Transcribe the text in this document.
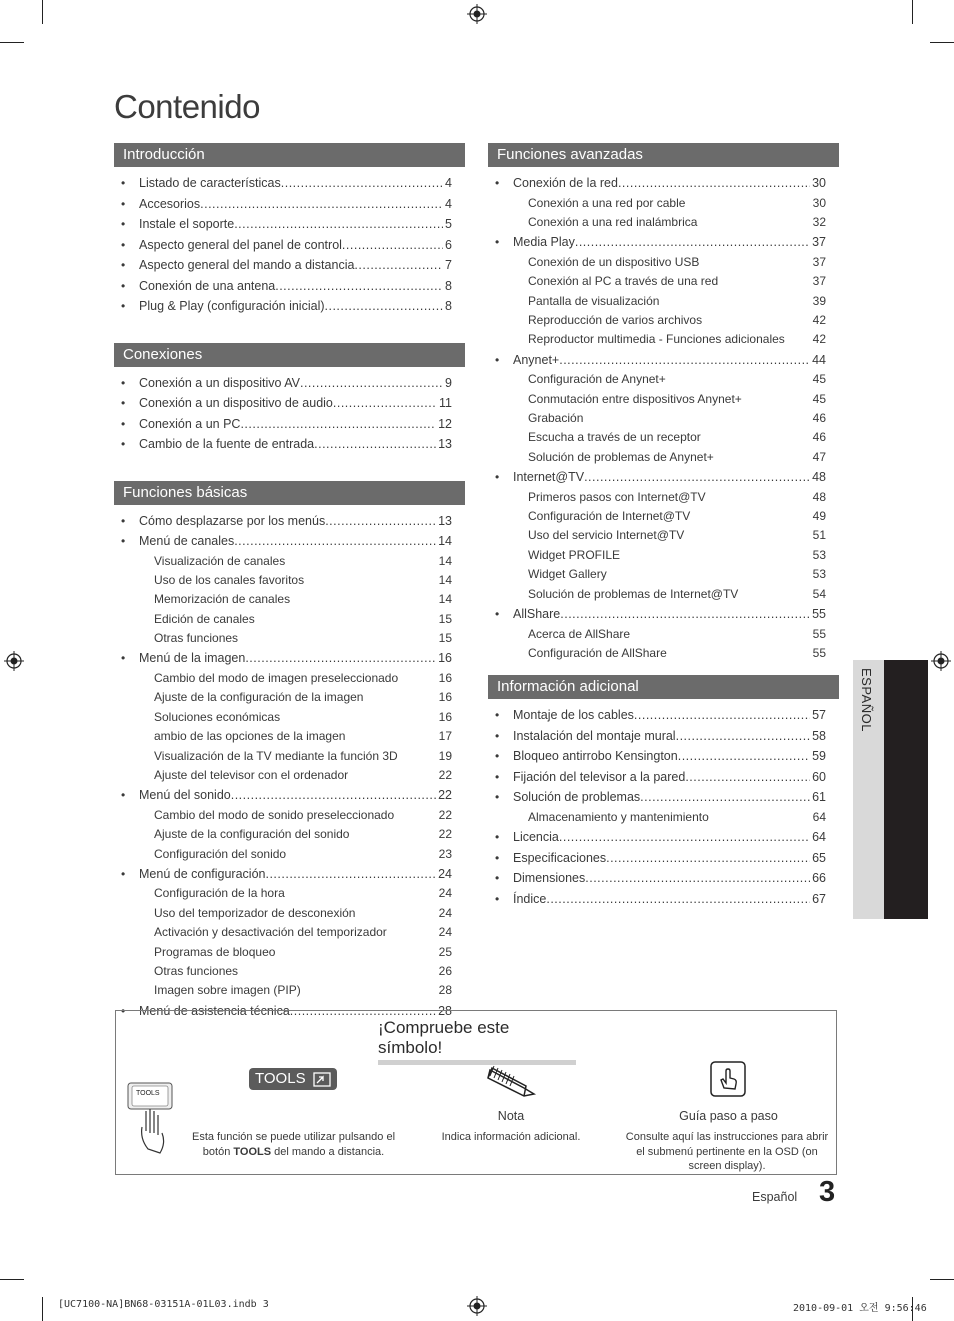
Contenido
Introducción
• Listado de características .....	4
• Accesorios .....	4
• Instale el soporte .....	5
• Aspecto general del panel de control .....	6
• Aspecto general del mando a distancia .....	7
• Conexión de una antena .....	8
• Plug & Play (configuración inicial) .....	8
Conexiones
• Conexión a un dispositivo AV .....	9
• Conexión a un dispositivo de audio .....	11
• Conexión a un PC .....	12
• Cambio de la fuente de entrada .....	13
Funciones básicas
• Cómo desplazarse por los menús .....	13
• Menú de canales .....	14
Visualización de canales	14
Uso de los canales favoritos	14
Memorización de canales	14
Edición de canales	15
Otras funciones	15
• Menú de la imagen .....	16
Cambio del modo de imagen preseleccionado	16
Ajuste de la configuración de la imagen	16
Soluciones económicas	16
ambio de las opciones de la imagen	17
Visualización de la TV mediante la función 3D	19
Ajuste del televisor con el ordenador	22
• Menú del sonido .....	22
Cambio del modo de sonido preseleccionado	22
Ajuste de la configuración del sonido	22
Configuración del sonido	23
• Menú de configuración .....	24
Configuración de la hora	24
Uso del temporizador de desconexión	24
Activación y desactivación del temporizador	24
Programas de bloqueo	25
Otras funciones	26
Imagen sobre imagen (PIP)	28
• Menú de asistencia técnica .....	28
Funciones avanzadas
• Conexión de la red .....	30
Conexión a una red por cable	30
Conexión a una red inalámbrica	32
• Media Play .....	37
Conexión de un dispositivo USB	37
Conexión al PC a través de una red	37
Pantalla de visualización	39
Reproducción de varios archivos	42
Reproductor multimedia - Funciones adicionales 42
• Anynet+ .....	44
Configuración de Anynet+	45
Conmutación entre dispositivos Anynet+	45
Grabación	46
Escucha a través de un receptor	46
Solución de problemas de Anynet+	47
• Internet@TV .....	48
Primeros pasos con Internet@TV	48
Configuración de Internet@TV	49
Uso del servicio Internet@TV	51
Widget PROFILE	53
Widget Gallery	53
Solución de problemas de Internet@TV	54
• AllShare .....	55
Acerca de AllShare	55
Configuración de AllShare	55
Información adicional
• Montaje de los cables .....	57
• Instalación del montaje mural .....	58
• Bloqueo antirrobo Kensington .....	59
• Fijación del televisor a la pared .....	60
• Solución de problemas .....	61
Almacenamiento y mantenimiento	64
• Licencia .....	64
• Especificaciones .....	65
• Dimensiones .....	66
• Índice .....	67
ESPAÑOL
¡Compruebe este símbolo!
TOOLS
TOOLS
Esta función se puede utilizar pulsando el botón TOOLS del mando a distancia.
Nota
Indica información adicional.
Guía paso a paso
Consulte aquí las instrucciones para abrir el submenú pertinente en la OSD (on screen display).
Español 3
[UC7100-NA]BN68-03151A-01L03.indb 3	2010-09-01 오전 9:56:46
